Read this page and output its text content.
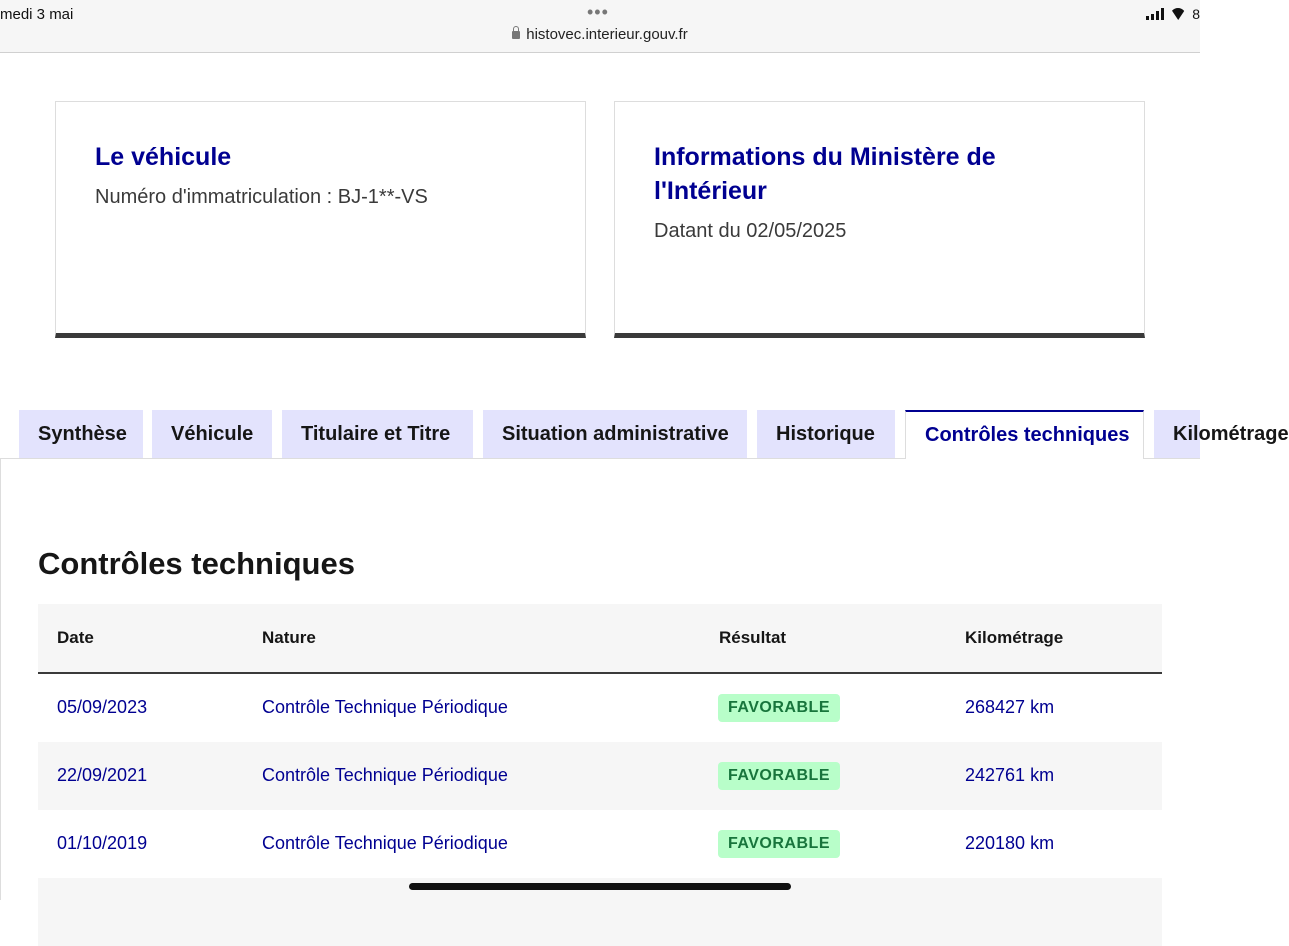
medi 3 mai	•••
histovec.interieur.gouv.fr
8
Le véhicule
Numéro d'immatriculation : BJ-1**-VS
Informations du Ministère de l'Intérieur
Datant du 02/05/2025
Synthèse	Véhicule	Titulaire et Titre	Situation administrative	Historique	Contrôles techniques	Kilométrage
Contrôles techniques
Date	Nature	Résultat	Kilométrage
05/09/2023	Contrôle Technique Périodique	FAVORABLE	268427 km
22/09/2021	Contrôle Technique Périodique	FAVORABLE	242761 km
01/10/2019	Contrôle Technique Périodique	FAVORABLE	220180 km
